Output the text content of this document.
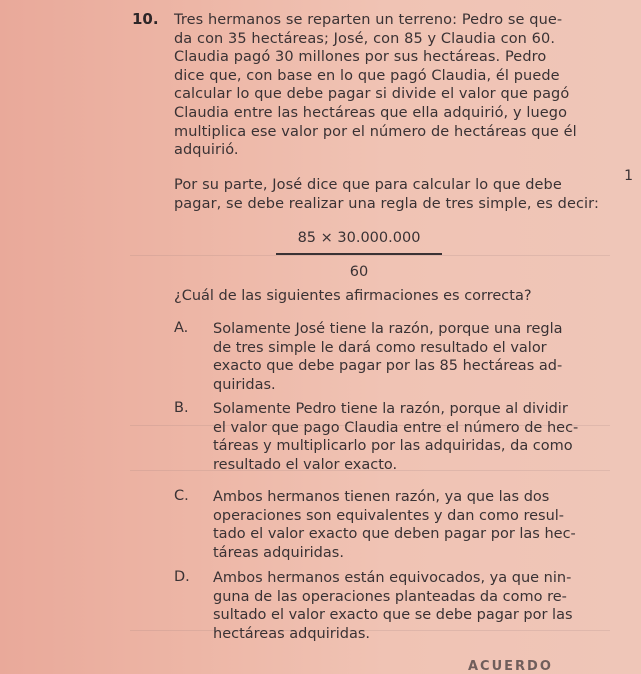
10. Tres hermanos se reparten un terreno: Pedro se que-
da con 35 hectáreas; José, con 85 y Claudia con 60.
Claudia pagó 30 millones por sus hectáreas. Pedro
dice que, con base en lo que pagó Claudia, él puede
calcular lo que debe pagar si divide el valor que pagó
Claudia entre las hectáreas que ella adquirió, y luego
multiplica ese valor por el número de hectáreas que él
adquirió.
1
Por su parte, José dice que para calcular lo que debe
pagar, se debe realizar una regla de tres simple, es decir:
85 × 30.000.000
60
¿Cuál de las siguientes afirmaciones es correcta?
A. Solamente José tiene la razón, porque una regla
de tres simple le dará como resultado el valor
exacto que debe pagar por las 85 hectáreas ad-
quiridas.
B. Solamente Pedro tiene la razón, porque al dividir
el valor que pago Claudia entre el número de hec-
táreas y multiplicarlo por las adquiridas, da como
resultado el valor exacto.
C. Ambos hermanos tienen razón, ya que las dos
operaciones son equivalentes y dan como resul-
tado el valor exacto que deben pagar por las hec-
táreas adquiridas.
D. Ambos hermanos están equivocados, ya que nin-
guna de las operaciones planteadas da como re-
sultado el valor exacto que se debe pagar por las
hectáreas adquiridas.
ACUERDO
